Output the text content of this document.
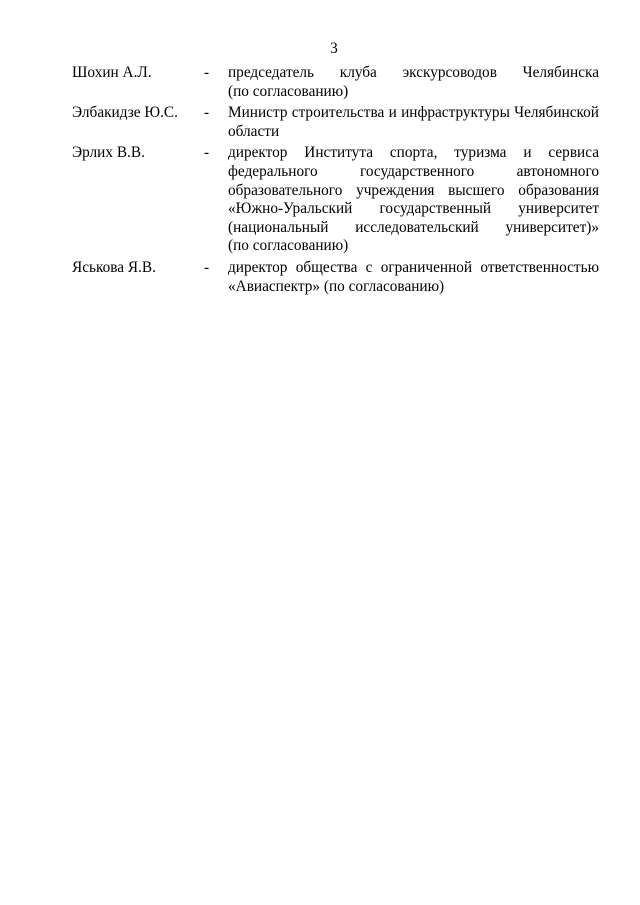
3
Шохин А.Л.	-	председатель клуба экскурсоводов Челябинска
(по согласованию)
Элбакидзе Ю.С.	-	Министр строительства и инфраструктуры Челябинской
области
Эрлих В.В.	-	директор Института спорта, туризма и сервиса
федерального государственного автономного
образовательного учреждения высшего образования
«Южно-Уральский государственный университет
(национальный исследовательский университет)»
(по согласованию)
Яськова Я.В.	-	директор общества с ограниченной ответственностью
«Авиаспектр» (по согласованию)
